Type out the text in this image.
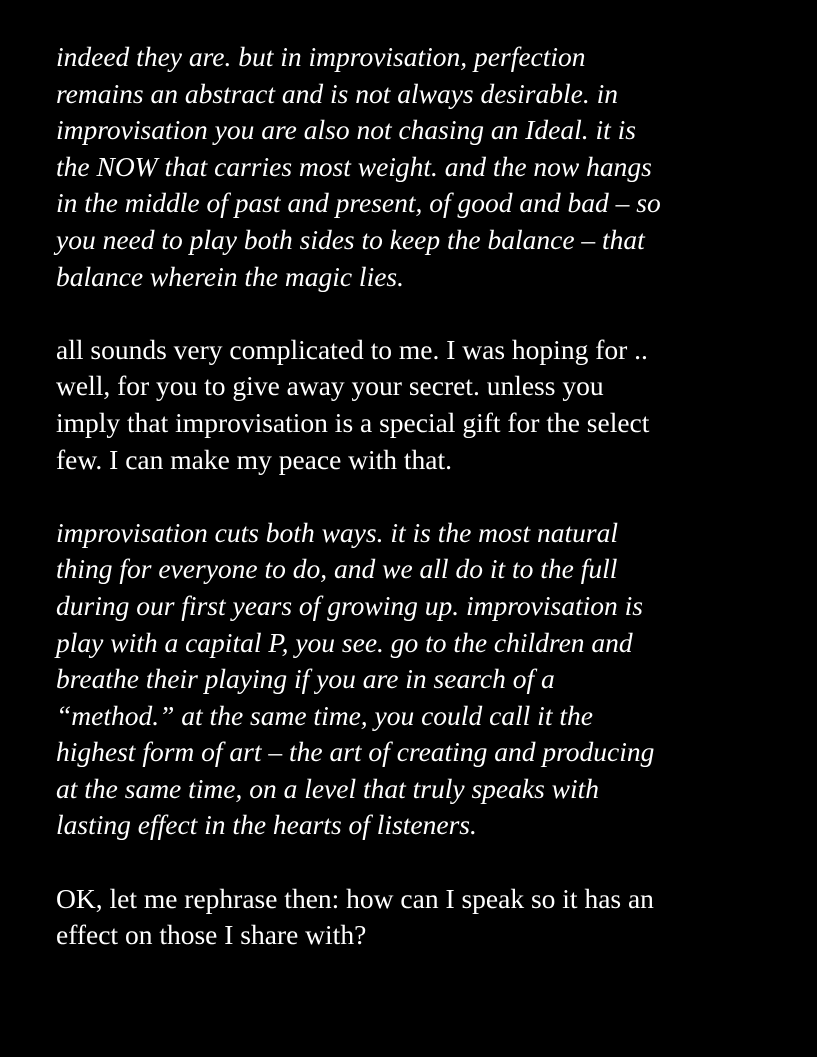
indeed they are. but in improvisation, perfection
remains an abstract and is not always desirable. in
improvisation you are also not chasing an Ideal. it is
the NOW that carries most weight. and the now hangs
in the middle of past and present, of good and bad – so
you need to play both sides to keep the balance – that
balance wherein the magic lies.

all sounds very complicated to me. I was hoping for ..
well, for you to give away your secret. unless you
imply that improvisation is a special gift for the select
few. I can make my peace with that.

improvisation cuts both ways. it is the most natural
thing for everyone to do, and we all do it to the full
during our first years of growing up. improvisation is
play with a capital P, you see. go to the children and
breathe their playing if you are in search of a
“method.” at the same time, you could call it the
highest form of art – the art of creating and producing
at the same time, on a level that truly speaks with
lasting effect in the hearts of listeners.

OK, let me rephrase then: how can I speak so it has an
effect on those I share with?
